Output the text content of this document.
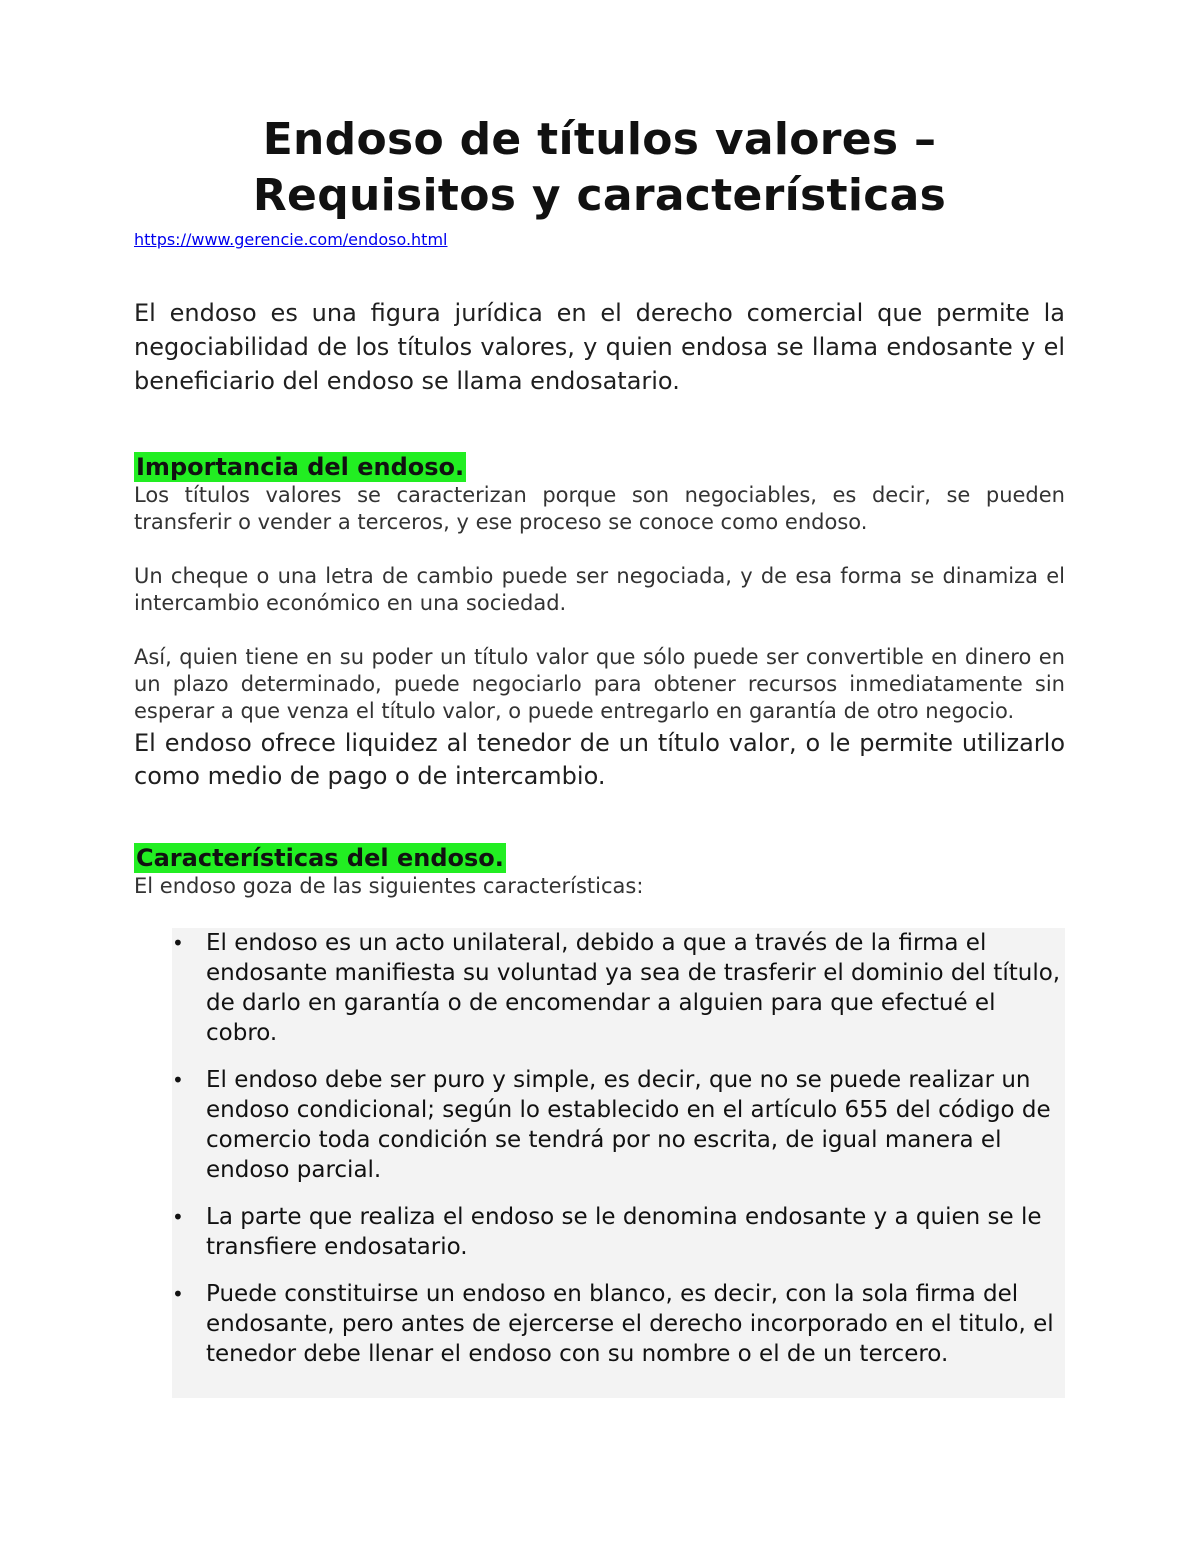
Endoso de títulos valores –
Requisitos y características
https://www.gerencie.com/endoso.html

El endoso es una figura jurídica en el derecho comercial que permite la negociabilidad de los títulos valores, y quien endosa se llama endosante y el beneficiario del endoso se llama endosatario.

Importancia del endoso.

Los títulos valores se caracterizan porque son negociables, es decir, se pueden transferir o vender a terceros, y ese proceso se conoce como endoso.

Un cheque o una letra de cambio puede ser negociada, y de esa forma se dinamiza el intercambio económico en una sociedad.

Así, quien tiene en su poder un título valor que sólo puede ser convertible en dinero en un plazo determinado, puede negociarlo para obtener recursos inmediatamente sin esperar a que venza el título valor, o puede entregarlo en garantía de otro negocio.

El endoso ofrece liquidez al tenedor de un título valor, o le permite utilizarlo como medio de pago o de intercambio.

Características del endoso.

El endoso goza de las siguientes características:

• El endoso es un acto unilateral, debido a que a través de la firma el endosante manifiesta su voluntad ya sea de trasferir el dominio del título, de darlo en garantía o de encomendar a alguien para que efectué el cobro.
• El endoso debe ser puro y simple, es decir, que no se puede realizar un endoso condicional; según lo establecido en el artículo 655 del código de comercio toda condición se tendrá por no escrita, de igual manera el endoso parcial.
• La parte que realiza el endoso se le denomina endosante y a quien se le transfiere endosatario.
• Puede constituirse un endoso en blanco, es decir, con la sola firma del endosante, pero antes de ejercerse el derecho incorporado en el titulo, el tenedor debe llenar el endoso con su nombre o el de un tercero.
